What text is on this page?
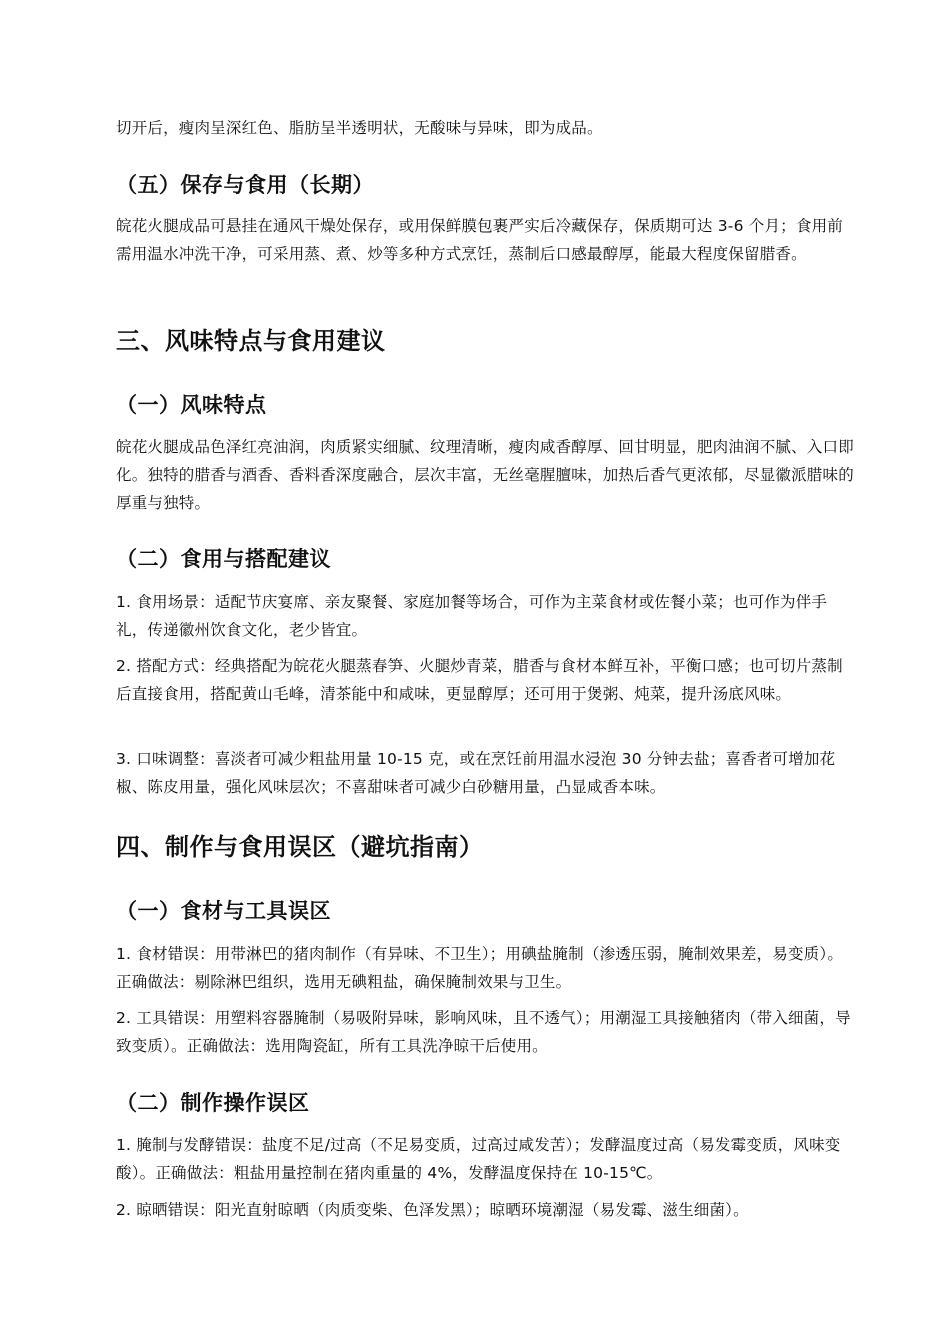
切开后，瘦肉呈深红色、脂肪呈半透明状，无酸味与异味，即为成品。

（五）保存与食用（长期）

皖花火腿成品可悬挂在通风干燥处保存，或用保鲜膜包裹严实后冷藏保存，保质期可达 3-6 个月；食用前需用温水冲洗干净，可采用蒸、煮、炒等多种方式烹饪，蒸制后口感最醇厚，能最大程度保留腊香。

三、风味特点与食用建议
（一）风味特点

皖花火腿成品色泽红亮油润，肉质紧实细腻、纹理清晰，瘦肉咸香醇厚、回甘明显，肥肉油润不腻、入口即化。独特的腊香与酒香、香料香深度融合，层次丰富，无丝毫腥膻味，加热后香气更浓郁，尽显徽派腊味的厚重与独特。

（二）食用与搭配建议

1. 食用场景：适配节庆宴席、亲友聚餐、家庭加餐等场合，可作为主菜食材或佐餐小菜；也可作为伴手礼，传递徽州饮食文化，老少皆宜。

2. 搭配方式：经典搭配为皖花火腿蒸春笋、火腿炒青菜，腊香与食材本鲜互补，平衡口感；也可切片蒸制后直接食用，搭配黄山毛峰，清茶能中和咸味，更显醇厚；还可用于煲粥、炖菜，提升汤底风味。

3. 口味调整：喜淡者可减少粗盐用量 10-15 克，或在烹饪前用温水浸泡 30 分钟去盐；喜香者可增加花椒、陈皮用量，强化风味层次；不喜甜味者可减少白砂糖用量，凸显咸香本味。

四、制作与食用误区（避坑指南）
（一）食材与工具误区

1. 食材错误：用带淋巴的猪肉制作（有异味、不卫生）；用碘盐腌制（渗透压弱，腌制效果差，易变质）。正确做法：剔除淋巴组织，选用无碘粗盐，确保腌制效果与卫生。

2. 工具错误：用塑料容器腌制（易吸附异味，影响风味，且不透气）；用潮湿工具接触猪肉（带入细菌，导致变质）。正确做法：选用陶瓷缸，所有工具洗净晾干后使用。

（二）制作操作误区

1. 腌制与发酵错误：盐度不足/过高（不足易变质，过高过咸发苦）；发酵温度过高（易发霉变质，风味变酸）。正确做法：粗盐用量控制在猪肉重量的 4%，发酵温度保持在 10-15℃。

2. 晾晒错误：阳光直射晾晒（肉质变柴、色泽发黑）；晾晒环境潮湿（易发霉、滋生细菌）。
